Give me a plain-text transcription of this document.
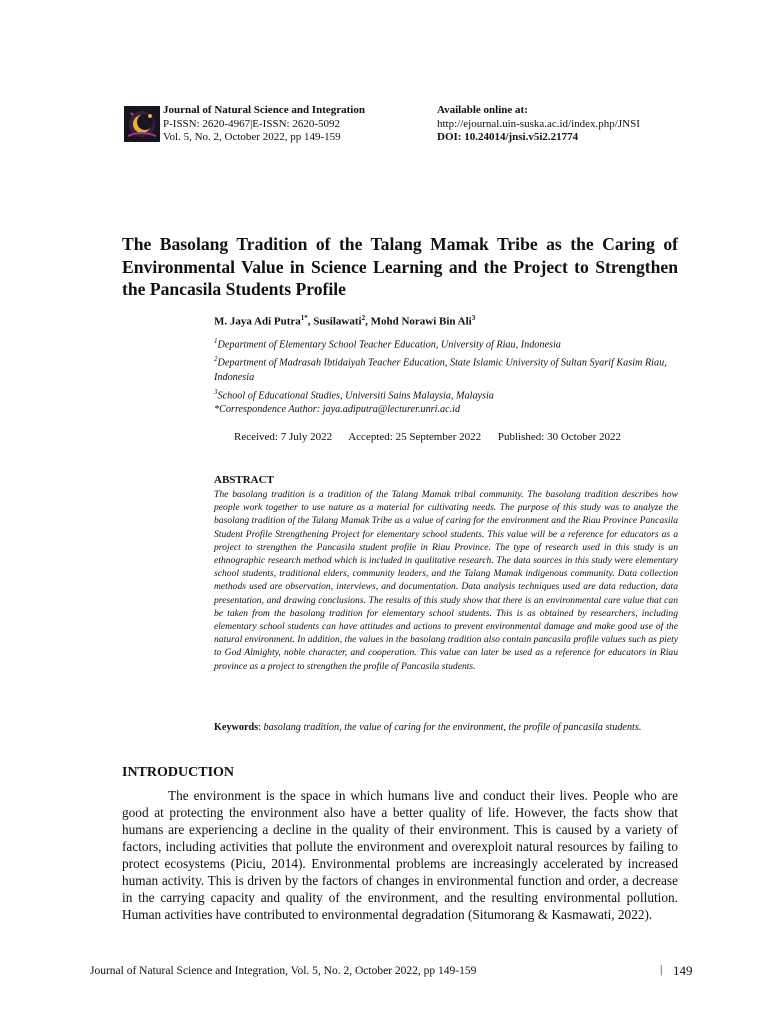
Journal of Natural Science and Integration
P-ISSN: 2620-4967|E-ISSN: 2620-5092
Vol. 5, No. 2, October 2022, pp 149-159
Available online at:
http://ejournal.uin-suska.ac.id/index.php/JNSI
DOI: 10.24014/jnsi.v5i2.21774
The Basolang Tradition of the Talang Mamak Tribe as the Caring of Environmental Value in Science Learning and the Project to Strengthen the Pancasila Students Profile
M. Jaya Adi Putra$^{1*}$, Susilawati$^2$, Mohd Norawi Bin Ali$^3$
$^1$Department of Elementary School Teacher Education, University of Riau, Indonesia
$^2$Department of Madrasah Ibtidaiyah Teacher Education, State Islamic University of Sultan Syarif Kasim Riau, Indonesia
$^3$School of Educational Studies, Universiti Sains Malaysia, Malaysia
*Correspondence Author: jaya.adiputra@lecturer.unri.ac.id
Received: 7 July 2022 Accepted: 25 September 2022 Published: 30 October 2022
ABSTRACT
The basolang tradition is a tradition of the Talang Mamak tribal community. The basolang tradition describes how people work together to use nature as a material for cultivating needs. The purpose of this study was to analyze the basolang tradition of the Talang Mamak Tribe as a value of caring for the environment and the Riau Province Pancasila Student Profile Strengthening Project for elementary school students. This value will be a reference for educators as a project to strengthen the Pancasila student profile in Riau Province. The type of research used in this study is an ethnographic research method which is included in qualitative research. The data sources in this study were elementary school students, traditional elders, community leaders, and the Talang Mamak indigenous community. Data collection methods used are observation, interviews, and documentation. Data analysis techniques used are data reduction, data presentation, and drawing conclusions. The results of this study show that there is an environmental care value that can be taken from the basolang tradition for elementary school students. This is as obtained by researchers, including elementary school students can have attitudes and actions to prevent environmental damage and make good use of the natural environment. In addition, the values in the basolang tradition also contain pancasila profile values such as piety to God Almighty, noble character, and cooperation. This value can later be used as a reference for educators in Riau province as a project to strengthen the profile of Pancasila students.
Keywords: basolang tradition, the value of caring for the environment, the profile of pancasila students.
INTRODUCTION
The environment is the space in which humans live and conduct their lives. People who are good at protecting the environment also have a better quality of life. However, the facts show that humans are experiencing a decline in the quality of their environment. This is caused by a variety of factors, including activities that pollute the environment and overexploit natural resources by failing to protect ecosystems (Piciu, 2014). Environmental problems are increasingly accelerated by increased human activity. This is driven by the factors of changes in environmental function and order, a decrease in the carrying capacity and quality of the environment, and the resulting environmental pollution. Human activities have contributed to environmental degradation (Situmorang & Kasmawati, 2022).
Journal of Natural Science and Integration, Vol. 5, No. 2, October 2022, pp 149-159	| 149
